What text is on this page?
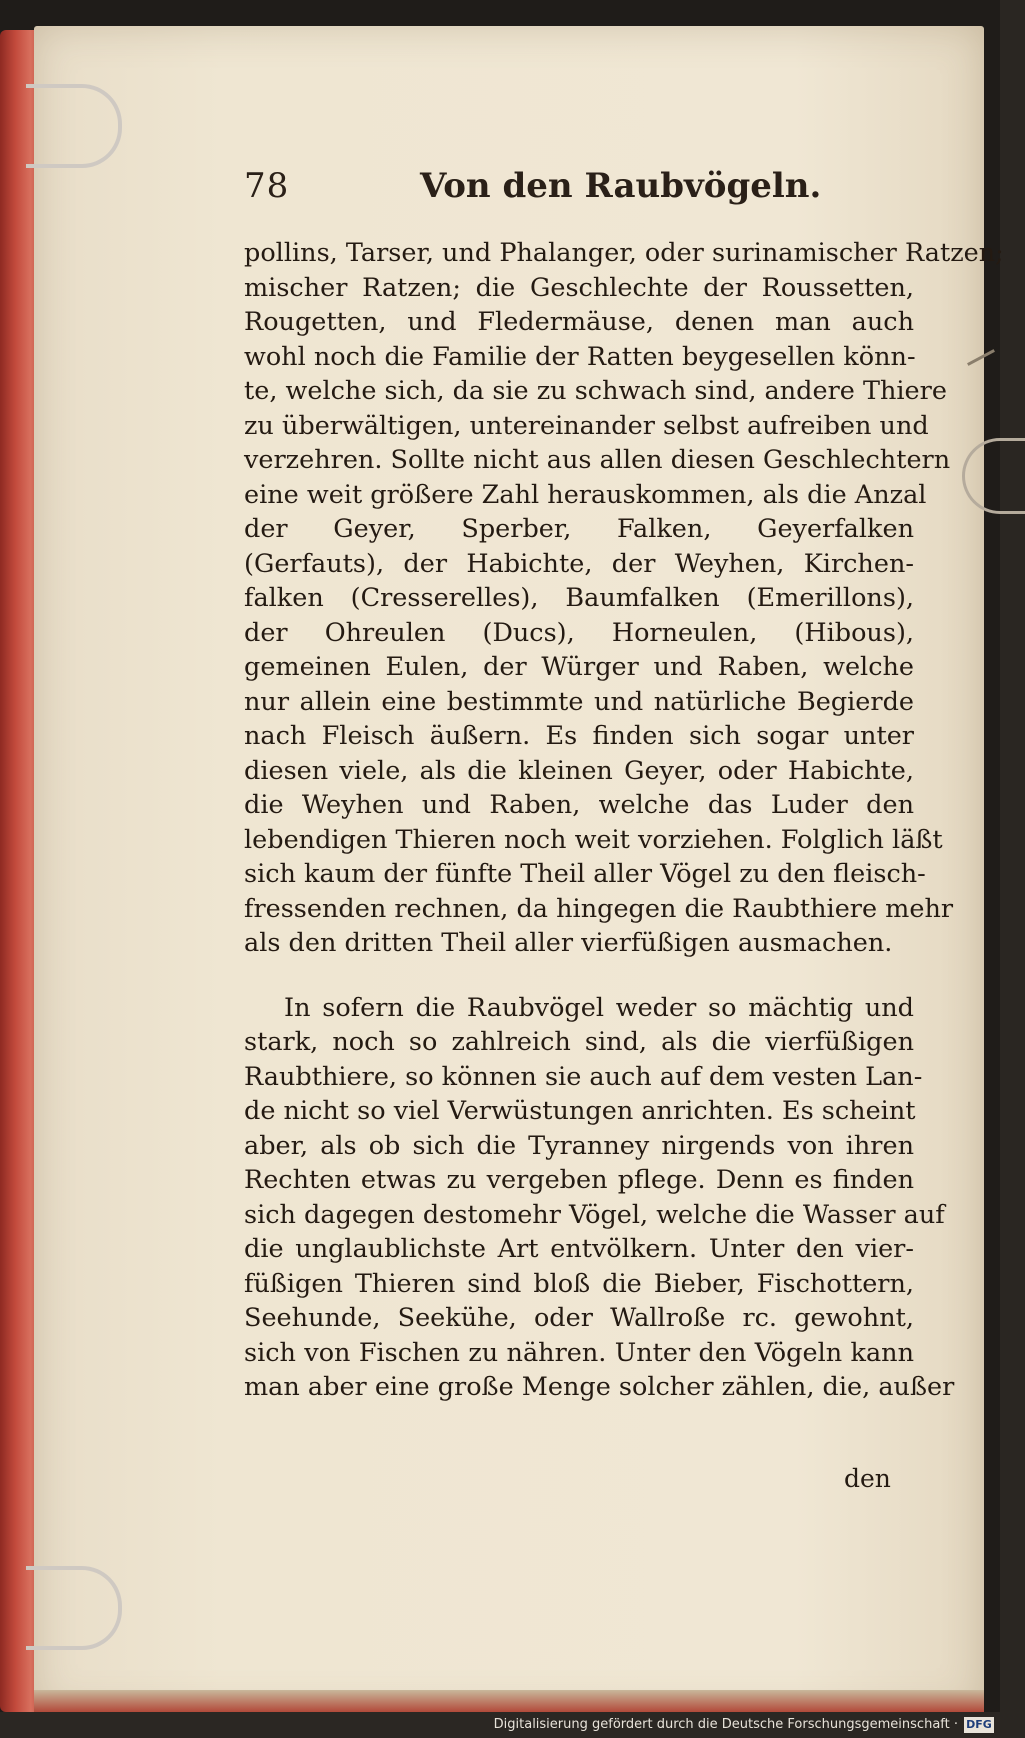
78	Von den Raubvögeln.
pollins, Tarser, und Phalanger, oder surinamischer Ratzen;
mischer Ratzen; die Geschlechte der Roussetten,
Rougetten, und Fledermäuse, denen man auch
wohl noch die Familie der Ratten beygesellen könn-
te, welche sich, da sie zu schwach sind, andere Thiere
zu überwältigen, untereinander selbst aufreiben und
verzehren. Sollte nicht aus allen diesen Geschlechtern
eine weit größere Zahl herauskommen, als die Anzal
der Geyer, Sperber, Falken, Geyerfalken
(Gerfauts), der Habichte, der Weyhen, Kirchen-
falken (Cresserelles), Baumfalken (Emerillons),
der Ohreulen (Ducs), Horneulen, (Hibous),
gemeinen Eulen, der Würger und Raben, welche
nur allein eine bestimmte und natürliche Begierde
nach Fleisch äußern. Es finden sich sogar unter
diesen viele, als die kleinen Geyer, oder Habichte,
die Weyhen und Raben, welche das Luder den
lebendigen Thieren noch weit vorziehen. Folglich läßt
sich kaum der fünfte Theil aller Vögel zu den fleisch-
fressenden rechnen, da hingegen die Raubthiere mehr
als den dritten Theil aller vierfüßigen ausmachen.
In sofern die Raubvögel weder so mächtig und
stark, noch so zahlreich sind, als die vierfüßigen
Raubthiere, so können sie auch auf dem vesten Lan-
de nicht so viel Verwüstungen anrichten. Es scheint
aber, als ob sich die Tyranney nirgends von ihren
Rechten etwas zu vergeben pflege. Denn es finden
sich dagegen destomehr Vögel, welche die Wasser auf
die unglaublichste Art entvölkern. Unter den vier-
füßigen Thieren sind bloß die Bieber, Fischottern,
Seehunde, Seekühe, oder Wallroße rc. gewohnt,
sich von Fischen zu nähren. Unter den Vögeln kann
man aber eine große Menge solcher zählen, die, außer
den
Digitalisierung gefördert durch die Deutsche Forschungsgemeinschaft · DFG
